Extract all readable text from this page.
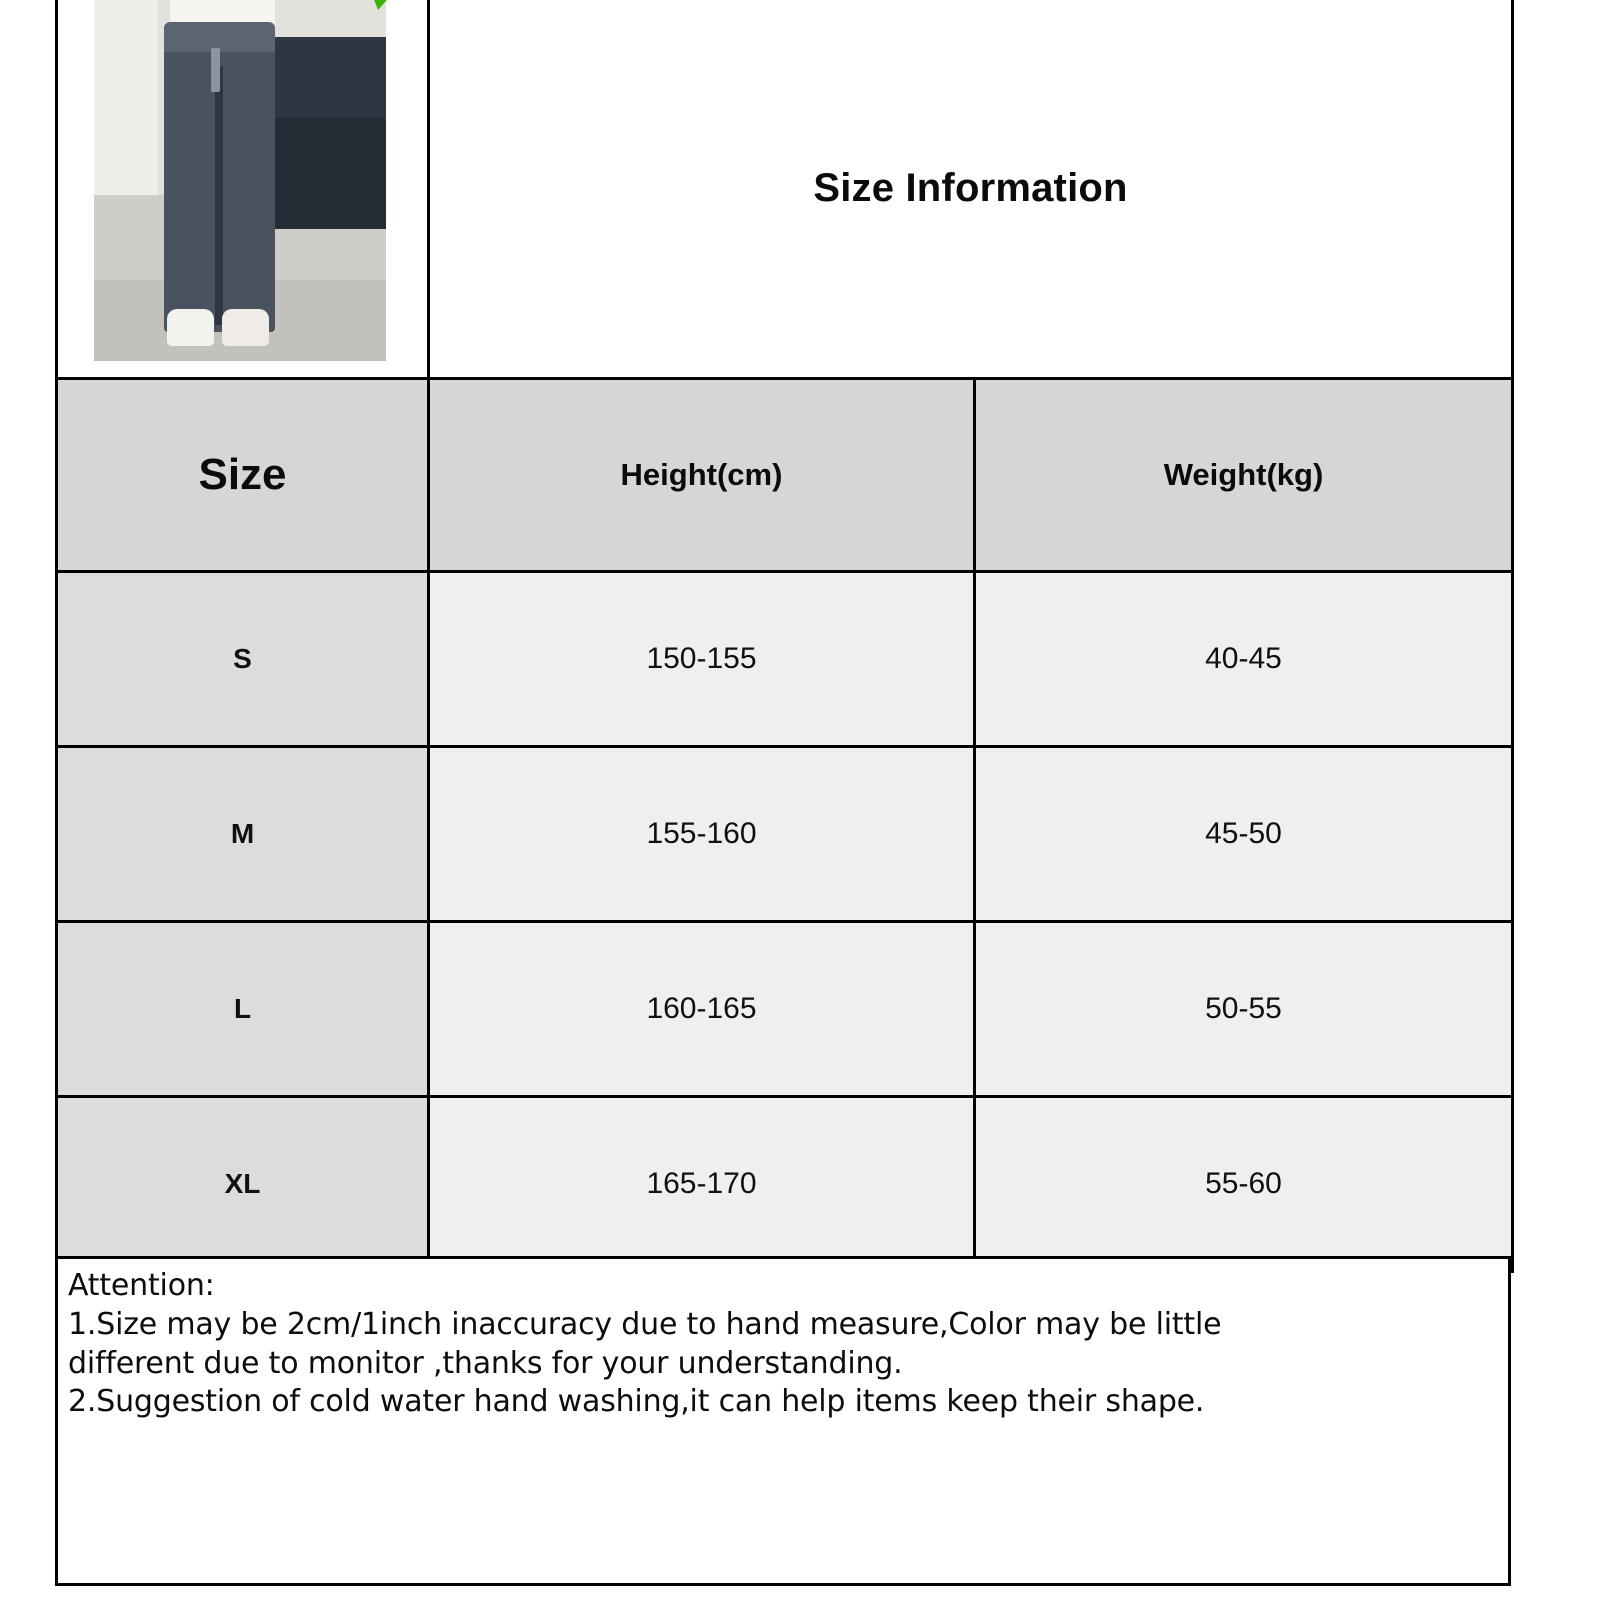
	Size Information	

Size	Height(cm)	Weight(kg)
S	150-155	40-45
M	155-160	45-50
L	160-165	50-55
XL	165-170	55-60

Attention:

1.Size may be 2cm/1inch inaccuracy due to hand measure,Color may be little

different due to monitor ,thanks for your understanding.

2.Suggestion of cold water hand washing,it can help items keep their shape.
